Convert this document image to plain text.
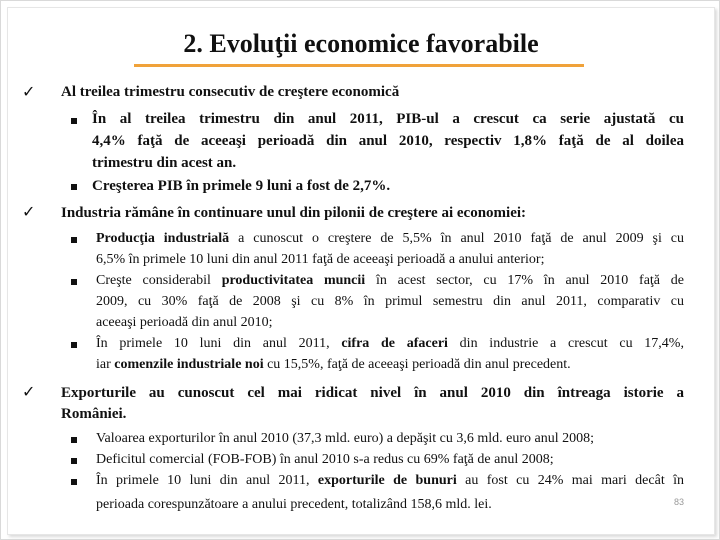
2. Evoluţii economice favorabile
✓ Al treilea trimestru consecutiv de creştere economică
În al treilea trimestru din anul 2011, PIB-ul a crescut ca serie ajustată cu
4,4% faţă de aceeaşi perioadă din anul 2010, respectiv 1,8% faţă de al doilea
trimestru din acest an.
Creşterea PIB în primele 9 luni a fost de 2,7%.
✓ Industria rămâne în continuare unul din pilonii de creştere ai economiei:
Producţia industrială a cunoscut o creştere de 5,5% în anul 2010 faţă de anul 2009 şi cu
6,5% în primele 10 luni din anul 2011 faţă de aceeaşi perioadă a anului anterior;
Creşte considerabil productivitatea muncii în acest sector, cu 17% în anul 2010 faţă de
2009, cu 30% faţă de 2008 şi cu 8% în primul semestru din anul 2011, comparativ cu
aceeaşi perioadă din anul 2010;
În primele 10 luni din anul 2011, cifra de afaceri din industrie a crescut cu 17,4%,
iar comenzile industriale noi cu 15,5%, faţă de aceeaşi perioadă din anul precedent.
✓ Exporturile au cunoscut cel mai ridicat nivel în anul 2010 din întreaga istorie a
României.
Valoarea exporturilor în anul 2010 (37,3 mld. euro) a depăşit cu 3,6 mld. euro anul 2008;
Deficitul comercial (FOB-FOB) în anul 2010 s-a redus cu 69% faţă de anul 2008;
În primele 10 luni din anul 2011, exporturile de bunuri au fost cu 24% mai mari decât în
perioada corespunzătoare a anului precedent, totalizând 158,6 mld. lei.	83
